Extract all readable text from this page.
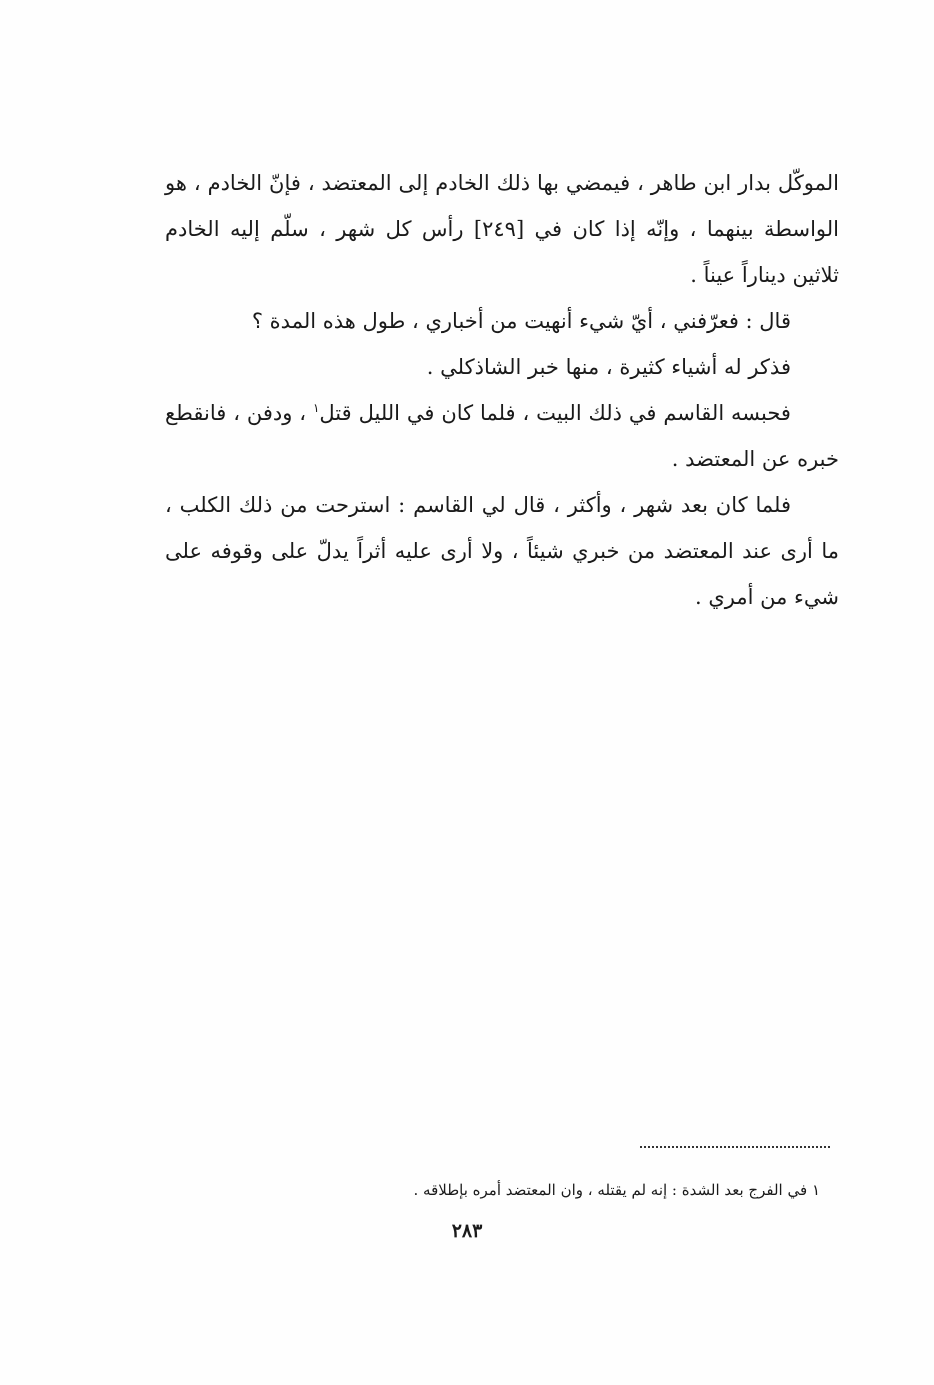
الموكّل بدار ابن طاهر ، فيمضي بها ذلك الخادم إلى المعتضد ، فإنّ الخادم ، هو الواسطة بينهما ، وإنّه إذا كان في [٢٤٩] رأس كل شهر ، سلّم إليه الخادم ثلاثين ديناراً عيناً .

قال : فعرّفني ، أيّ شيء أنهيت من أخباري ، طول هذه المدة ؟

فذكر له أشياء كثيرة ، منها خبر الشاذكلي .

فحبسه القاسم في ذلك البيت ، فلما كان في الليل قتل$^١$ ، ودفن ، فانقطع خبره عن المعتضد .

فلما كان بعد شهر ، وأكثر ، قال لي القاسم : استرحت من ذلك الكلب ، ما أرى عند المعتضد من خبري شيئاً ، ولا أرى عليه أثراً يدلّ على وقوفه على شيء من أمري .

١ في الفرج بعد الشدة : إنه لم يقتله ، وان المعتضد أمره بإطلاقه .
٢٨٣
